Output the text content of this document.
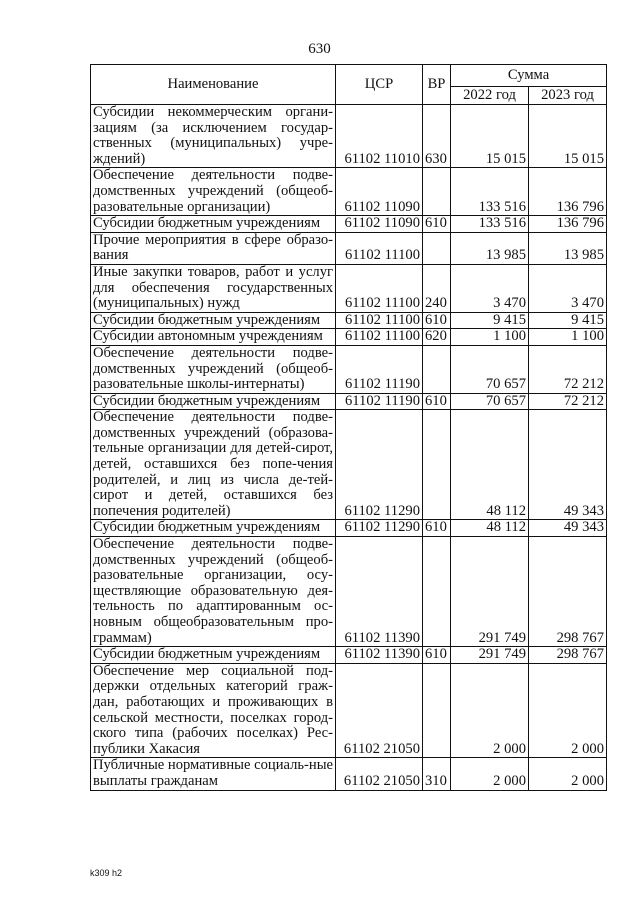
630
Наименование	ЦСР	ВР	Сумма	
			2022 год	2023 год
Субсидии некоммерческим органи-зациям (за исключением государ-ственных (муниципальных) учре-ждений)	61102 11010	630	15 015	15 015
Обеспечение деятельности подве-домственных учреждений (общеоб-разовательные организации)	61102 11090		133 516	136 796
Субсидии бюджетным учреждениям	61102 11090	610	133 516	136 796
Прочие мероприятия в сфере образо-вания	61102 11100		13 985	13 985
Иные закупки товаров, работ и услуг для обеспечения государственных (муниципальных) нужд	61102 11100	240	3 470	3 470
Субсидии бюджетным учреждениям	61102 11100	610	9 415	9 415
Субсидии автономным учреждениям	61102 11100	620	1 100	1 100
Обеспечение деятельности подве-домственных учреждений (общеоб-разовательные школы-интернаты)	61102 11190		70 657	72 212
Субсидии бюджетным учреждениям	61102 11190	610	70 657	72 212
Обеспечение деятельности подве-домственных учреждений (образова-тельные организации для детей-сирот, детей, оставшихся без попе-чения родителей, и лиц из числа де-тей-сирот и детей, оставшихся без попечения родителей)	61102 11290		48 112	49 343
Субсидии бюджетным учреждениям	61102 11290	610	48 112	49 343
Обеспечение деятельности подве-домственных учреждений (общеоб-разовательные организации, осу-ществляющие образовательную дея-тельность по адаптированным ос-новным общеобразовательным про-граммам)	61102 11390		291 749	298 767
Субсидии бюджетным учреждениям	61102 11390	610	291 749	298 767
Обеспечение мер социальной под-держки отдельных категорий граж-дан, работающих и проживающих в сельской местности, поселках город-ского типа (рабочих поселках) Рес-публики Хакасия	61102 21050		2 000	2 000
Публичные нормативные социаль-ные выплаты гражданам	61102 21050	310	2 000	2 000
k309 h2
